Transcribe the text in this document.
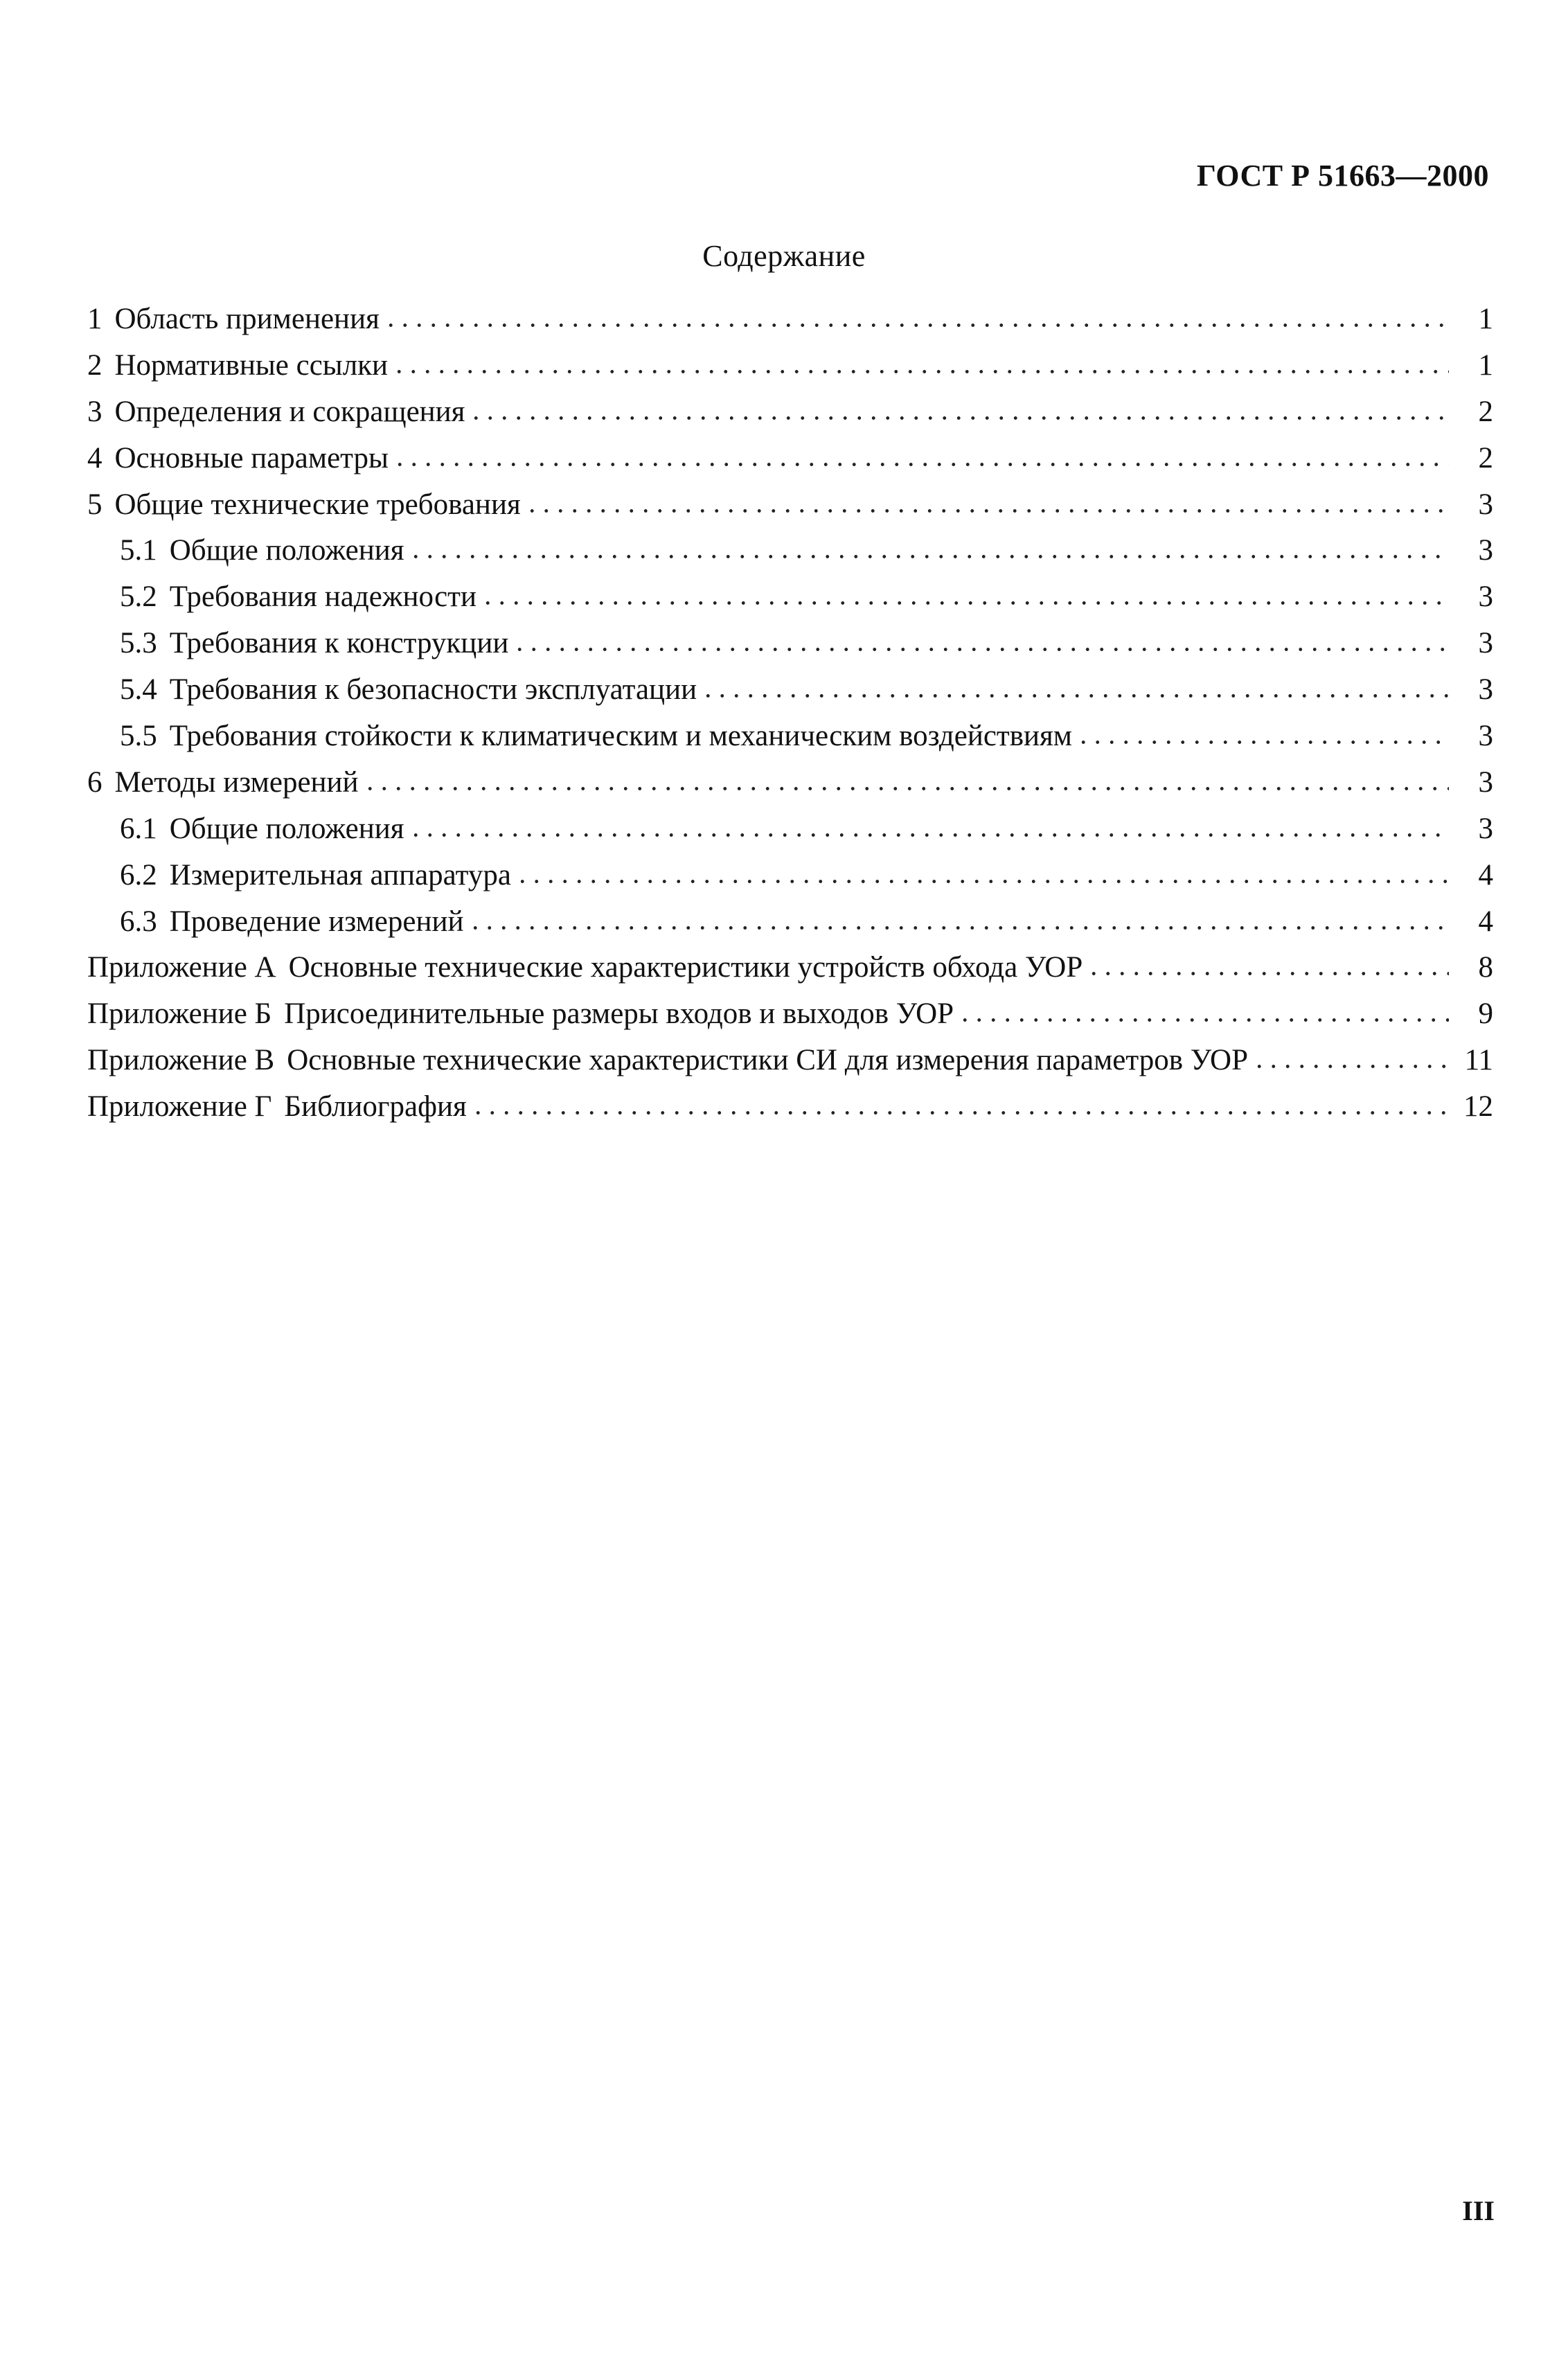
ГОСТ Р 51663—2000
Содержание
1 Область применения	1
2 Нормативные ссылки	1
3 Определения и сокращения	2
4 Основные параметры	2
5 Общие технические требования	3
5.1 Общие положения	3
5.2 Требования надежности	3
5.3 Требования к конструкции	3
5.4 Требования к безопасности эксплуатации	3
5.5 Требования стойкости к климатическим и механическим воздействиям	3
6 Методы измерений	3
6.1 Общие положения	3
6.2 Измерительная аппаратура	4
6.3 Проведение измерений	4
Приложение А Основные технические характеристики устройств обхода УОР	8
Приложение Б Присоединительные размеры входов и выходов УОР	9
Приложение В Основные технические характеристики СИ для измерения параметров УОР	11
Приложение Г Библиография	12
III
